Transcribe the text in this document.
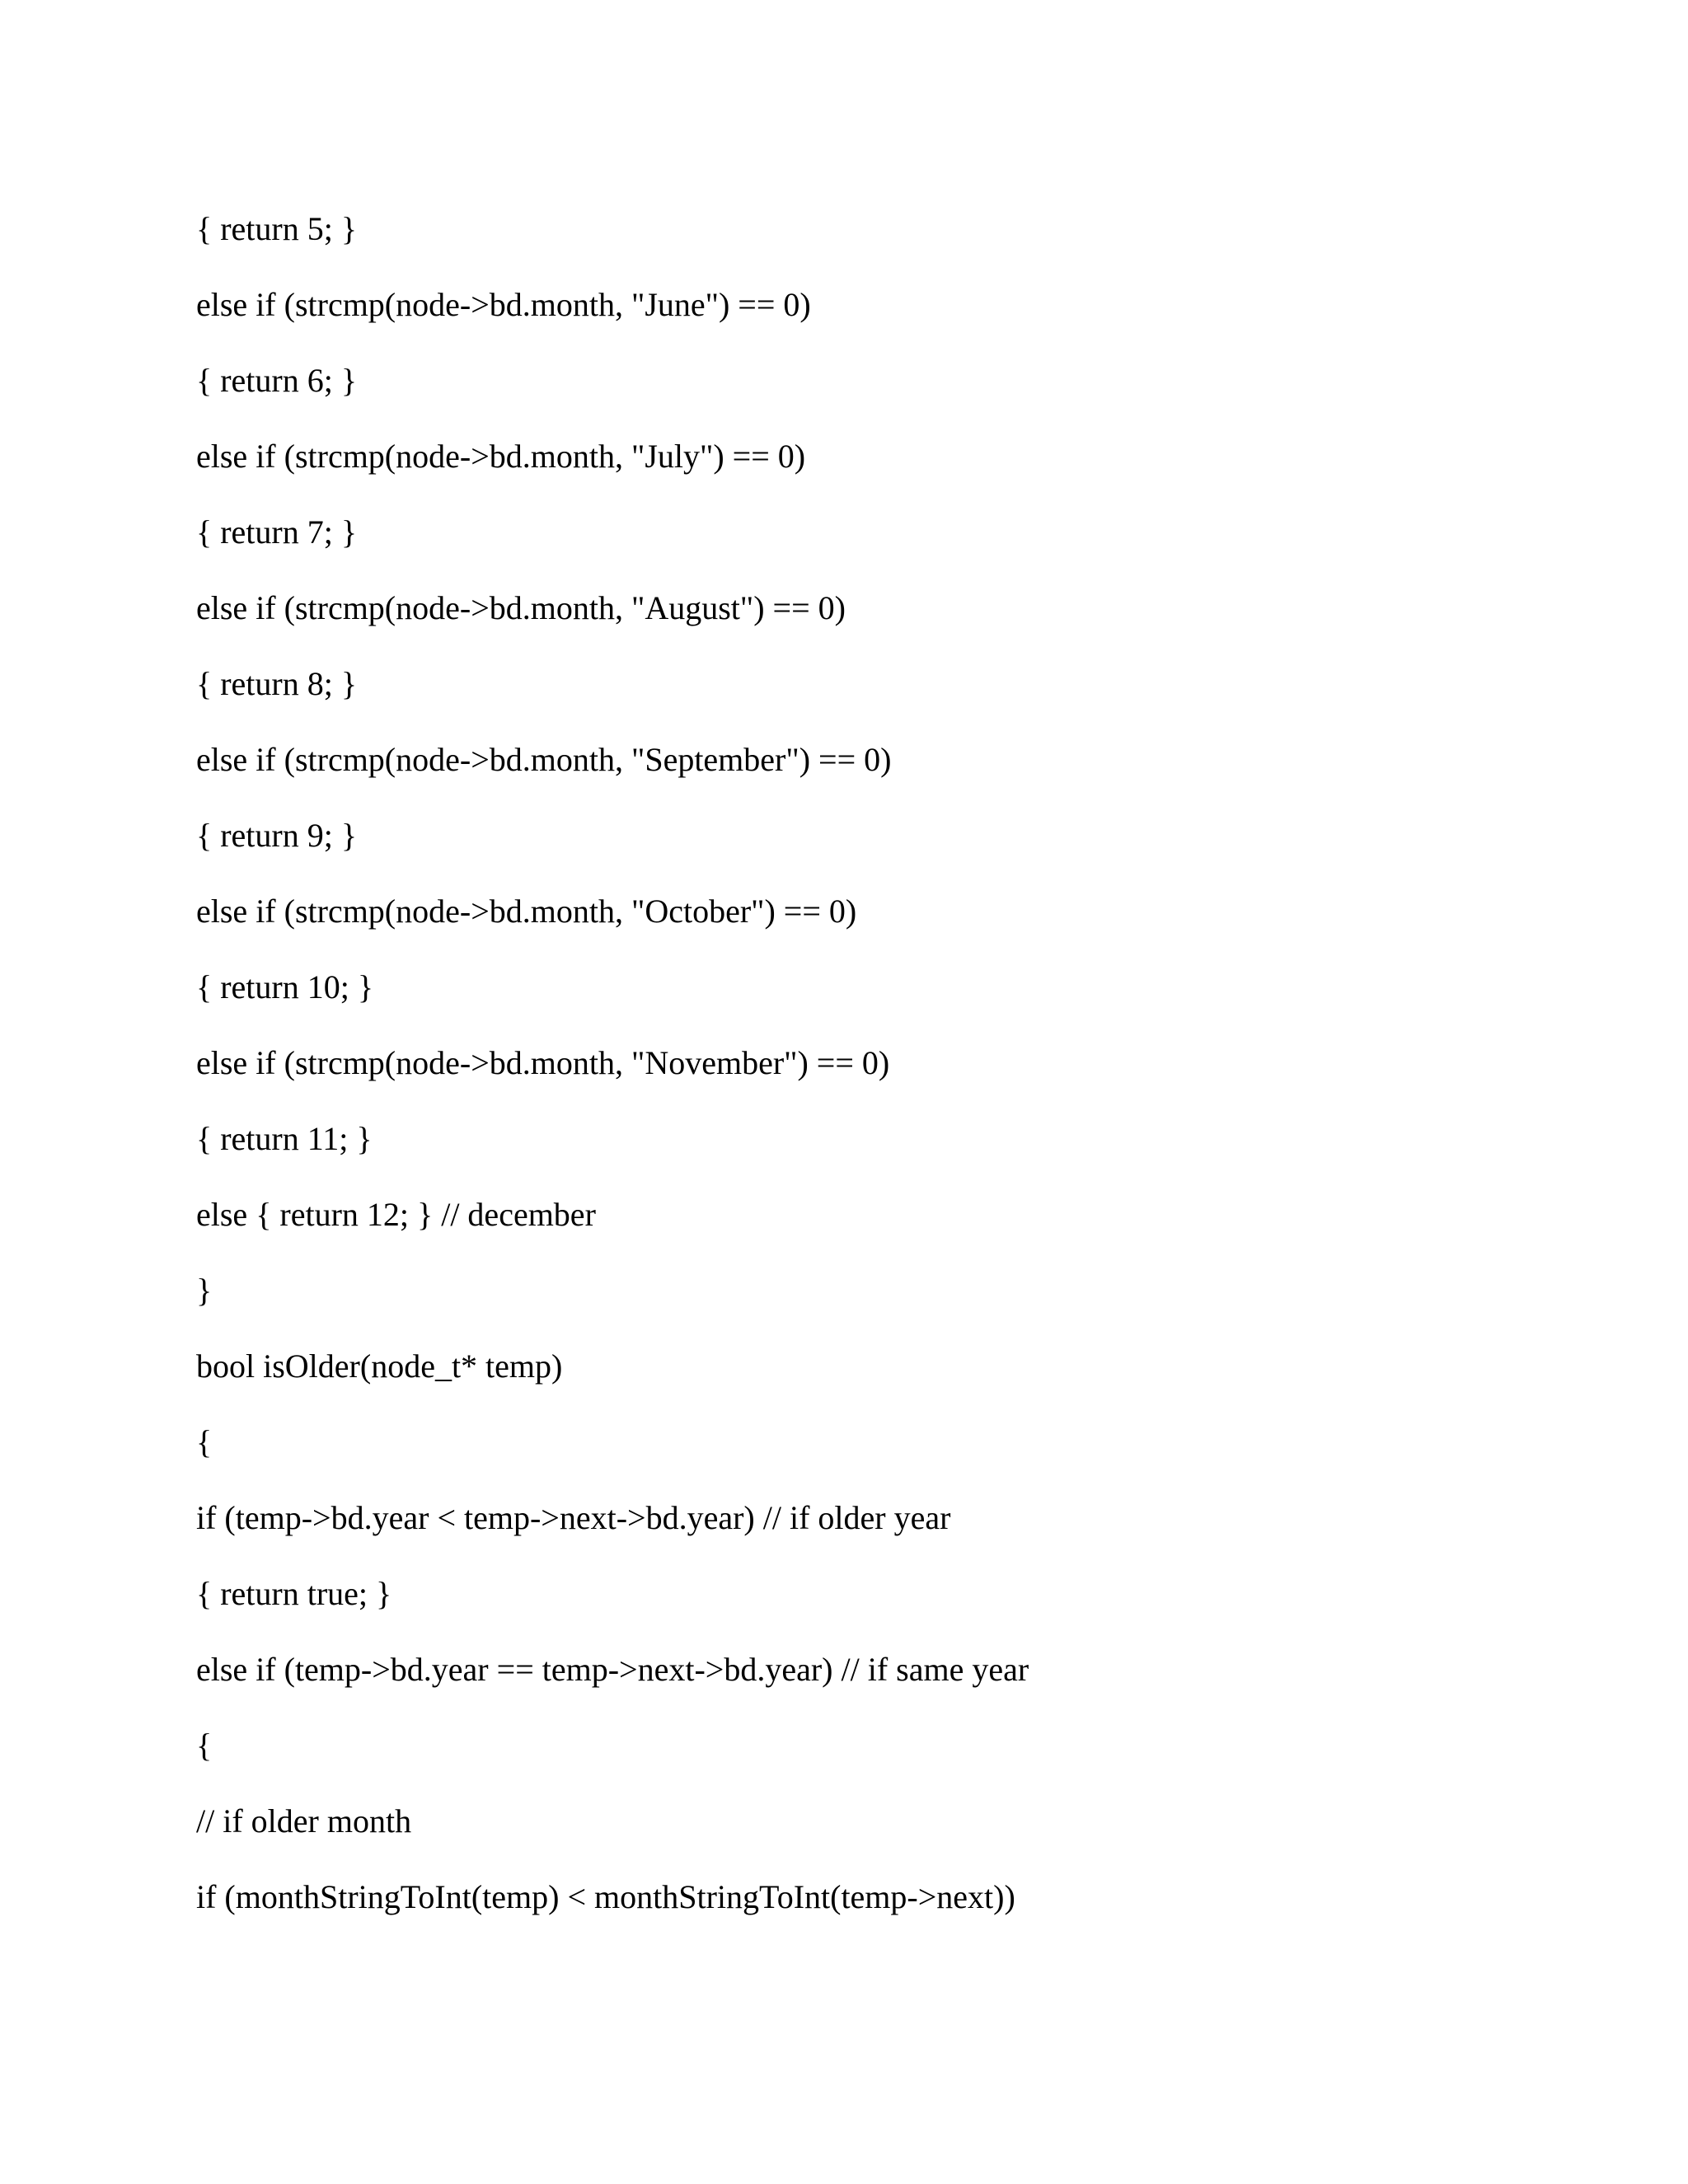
{ return 5; }
else if (strcmp(node->bd.month, "June") == 0)
{ return 6; }
else if (strcmp(node->bd.month, "July") == 0)
{ return 7; }
else if (strcmp(node->bd.month, "August") == 0)
{ return 8; }
else if (strcmp(node->bd.month, "September") == 0)
{ return 9; }
else if (strcmp(node->bd.month, "October") == 0)
{ return 10; }
else if (strcmp(node->bd.month, "November") == 0)
{ return 11; }
else { return 12; } // december
}
bool isOlder(node_t* temp)
{
if (temp->bd.year < temp->next->bd.year) // if older year
{ return true; }
else if (temp->bd.year == temp->next->bd.year) // if same year
{
// if older month
if (monthStringToInt(temp) < monthStringToInt(temp->next))
